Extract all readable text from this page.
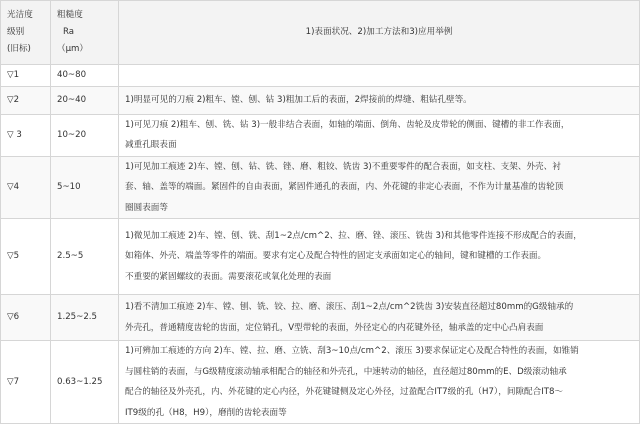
光洁度
级别
(旧标)	粗糙度
Ra
（μm）	1)表面状况、2)加工方法和3)应用举例
▽1	40~80	

▽2	20~40	1)明显可见的刀痕 2)粗车、镗、刨、钻 3)粗加工后的表面，2焊接前的焊缝、粗钻孔壁等。

▽ 3	10~20	1)可见刀痕 2)粗车、刨、铣、钻 3)一般非结合表面，如轴的端面、倒角、齿轮及皮带轮的侧面、键槽的非工作表面，
减重孔眼表面

▽4	5~10	1)可见加工痕迹 2)车、镗、刨、钻、铣、锉、磨、粗铰、铣齿 3)不重要零件的配合表面，如支柱、支架、外壳、衬
套、轴、盖等的端面。紧固件的自由表面，紧固件通孔的表面，内、外花键的非定心表面，不作为计量基准的齿轮顶
圈圆表面等

▽5	2.5~5	1)微见加工痕迹 2)车、镗、刨、铣、刮1~2点/cm^2、拉、磨、锉、滚压、铣齿 3)和其他零件连接不形成配合的表面，
如箱体、外壳、端盖等零件的端面。要求有定心及配合特性的固定支承面如定心的轴间，键和键槽的工作表面。
不重要的紧固螺纹的表面。需要滚花或氧化处理的表面

▽6	1.25~2.5	1)看不清加工痕迹 2)车、镗、刨、铣、铰、拉、磨、滚压、刮1~2点/cm^2铣齿 3)安装直径超过80mm的G级轴承的
外壳孔，普通精度齿轮的齿面，定位销孔，V型带轮的表面，外径定心的内花键外径，轴承盖的定中心凸肩表面

▽7	0.63~1.25	1)可辨加工痕迹的方向 2)车、镗、拉、磨、立铣、刮3~10点/cm^2、滚压 3)要求保证定心及配合特性的表面，如锥销
与圆柱销的表面，与G级精度滚动轴承相配合的轴径和外壳孔，中速转动的轴径，直径超过80mm的E、D级滚动轴承
配合的轴径及外壳孔，内、外花键的定心内径，外花键键侧及定心外径，过盈配合IT7级的孔（H7），间隙配合IT8～
IT9级的孔（H8，H9），磨削的齿轮表面等
